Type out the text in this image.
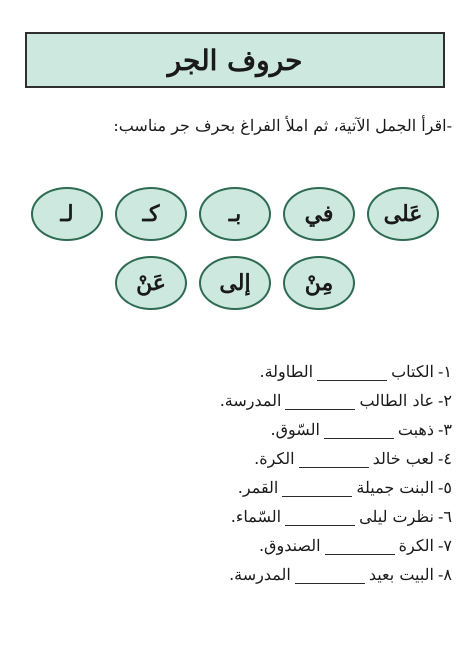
حروف الجر
-اقرأ الجمل الآتية، ثم املأ الفراغ بحرف جر مناسب:
عَلى
في
بـ
كـ
لـ
مِنْ
إلى
عَنْ
١-
الكتاب
الطاولة.
٢-
عاد الطالب
المدرسة.
٣-
ذهبت
السّوق.
٤-
لعب خالد
الكرة.
٥-
البنت جميلة
القمر.
٦-
نظرت ليلى
السّماء.
٧-
الكرة
الصندوق.
٨-
البيت بعيد
المدرسة.
